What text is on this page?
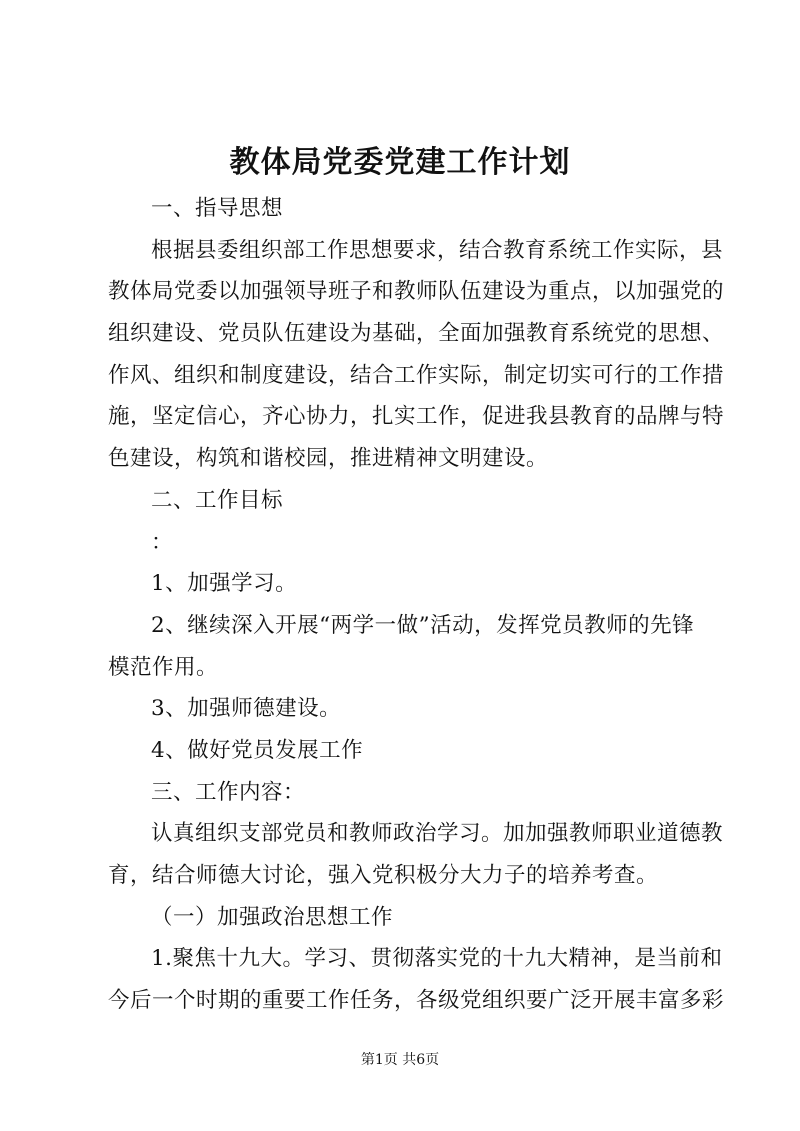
教体局党委党建工作计划
一、指导思想
根据县委组织部工作思想要求，结合教育系统工作实际，县
教体局党委以加强领导班子和教师队伍建设为重点，以加强党的
组织建设、党员队伍建设为基础，全面加强教育系统党的思想、
作风、组织和制度建设，结合工作实际，制定切实可行的工作措
施，坚定信心，齐心协力，扎实工作，促进我县教育的品牌与特
色建设，构筑和谐校园，推进精神文明建设。
二、工作目标
：
1、加强学习。
2、继续深入开展“两学一做”活动，发挥党员教师的先锋
模范作用。
3、加强师德建设。
4、做好党员发展工作
三、工作内容：
认真组织支部党员和教师政治学习。加加强教师职业道德教
育，结合师德大讨论，强入党积极分大力子的培养考查。
（一）加强政治思想工作
1.聚焦十九大。学习、贯彻落实党的十九大精神，是当前和
今后一个时期的重要工作任务，各级党组织要广泛开展丰富多彩
第1页 共6页
